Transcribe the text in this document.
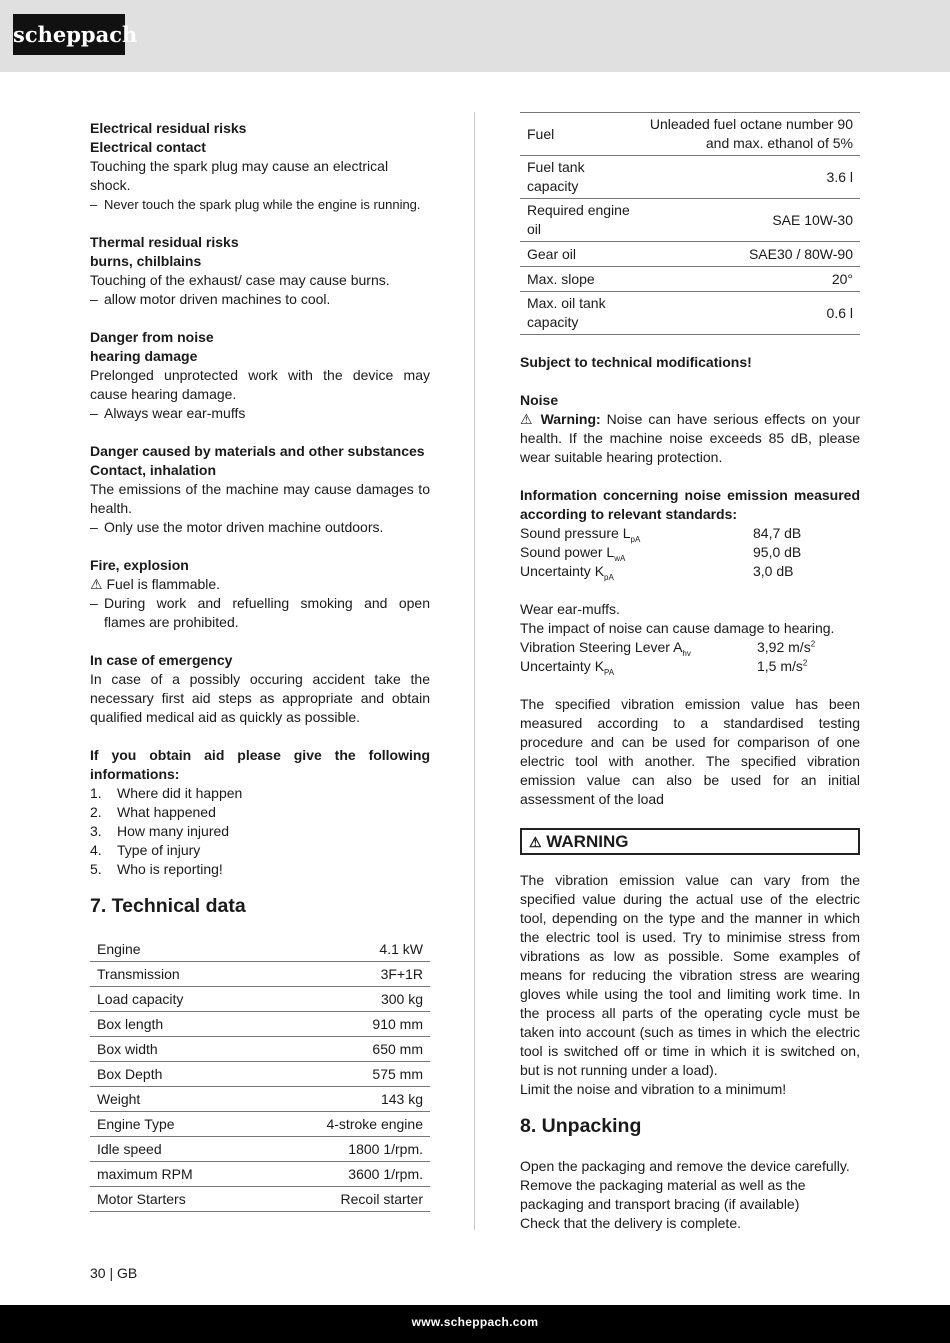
scheppach

Electrical residual risks

Electrical contact

Touching the spark plug may cause an electrical shock.

– Never touch the spark plug while the engine is running.

Thermal residual risks

burns, chilblains

Touching of the exhaust/ case may cause burns.

– allow motor driven machines to cool.

Danger from noise

hearing damage

Prelonged unprotected work with the device may cause hearing damage.

– Always wear ear-muffs

Danger caused by materials and other substances

Contact, inhalation

The emissions of the machine may cause damages to health.

– Only use the motor driven machine outdoors.

Fire, explosion

⚠ Fuel is flammable.

– During work and refuelling smoking and open flames are prohibited.

In case of emergency

In case of a possibly occuring accident take the necessary first aid steps as appropriate and obtain qualified medical aid as quickly as possible.

If you obtain aid please give the following informations:

1.	Where did it happen
2.	What happened
3.	How many injured
4.	Type of injury
5.	Who is reporting!
7. Technical data
Engine	4.1 kW
Transmission	3F+1R
Load capacity	300 kg
Box length	910 mm
Box width	650 mm
Box Depth	575 mm
Weight	143 kg
Engine Type	4-stroke engine
Idle speed	1800 1/rpm.
maximum RPM	3600 1/rpm.
Motor Starters	Recoil starter
Fuel	Unleaded fuel octane number 90 and max. ethanol of 5%
Fuel tank capacity	3.6 l
Required engine oil	SAE 10W-30
Gear oil	SAE30 / 80W-90
Max. slope	20°
Max. oil tank capacity	0.6 l

Subject to technical modifications!

Noise

⚠ Warning: Noise can have serious effects on your health. If the machine noise exceeds 85 dB, please wear suitable hearing protection.

Information concerning noise emission measured according to relevant standards:

Sound pressure $L_{pA}$	84,7 dB
Sound power $L_{wA}$	95,0 dB
Uncertainty $K_{pA}$	3,0 dB

Wear ear-muffs.

The impact of noise can cause damage to hearing.

Vibration Steering Lever $A_{hv}$	3,92 $m/s^2$
Uncertainty $K_{PA}$	1,5 $m/s^2$

The specified vibration emission value has been measured according to a standardised testing procedure and can be used for comparison of one electric tool with another. The specified vibration emission value can also be used for an initial assessment of the load

⚠ WARNING

The vibration emission value can vary from the specified value during the actual use of the electric tool, depending on the type and the manner in which the electric tool is used. Try to minimise stress from vibrations as low as possible. Some examples of means for reducing the vibration stress are wearing gloves while using the tool and limiting work time. In the process all parts of the operating cycle must be taken into account (such as times in which the electric tool is switched off or time in which it is switched on, but is not running under a load).

Limit the noise and vibration to a minimum!

8. Unpacking

Open the packaging and remove the device carefully. Remove the packaging material as well as the packaging and transport bracing (if available)

Check that the delivery is complete.

30 | GB
www.scheppach.com
